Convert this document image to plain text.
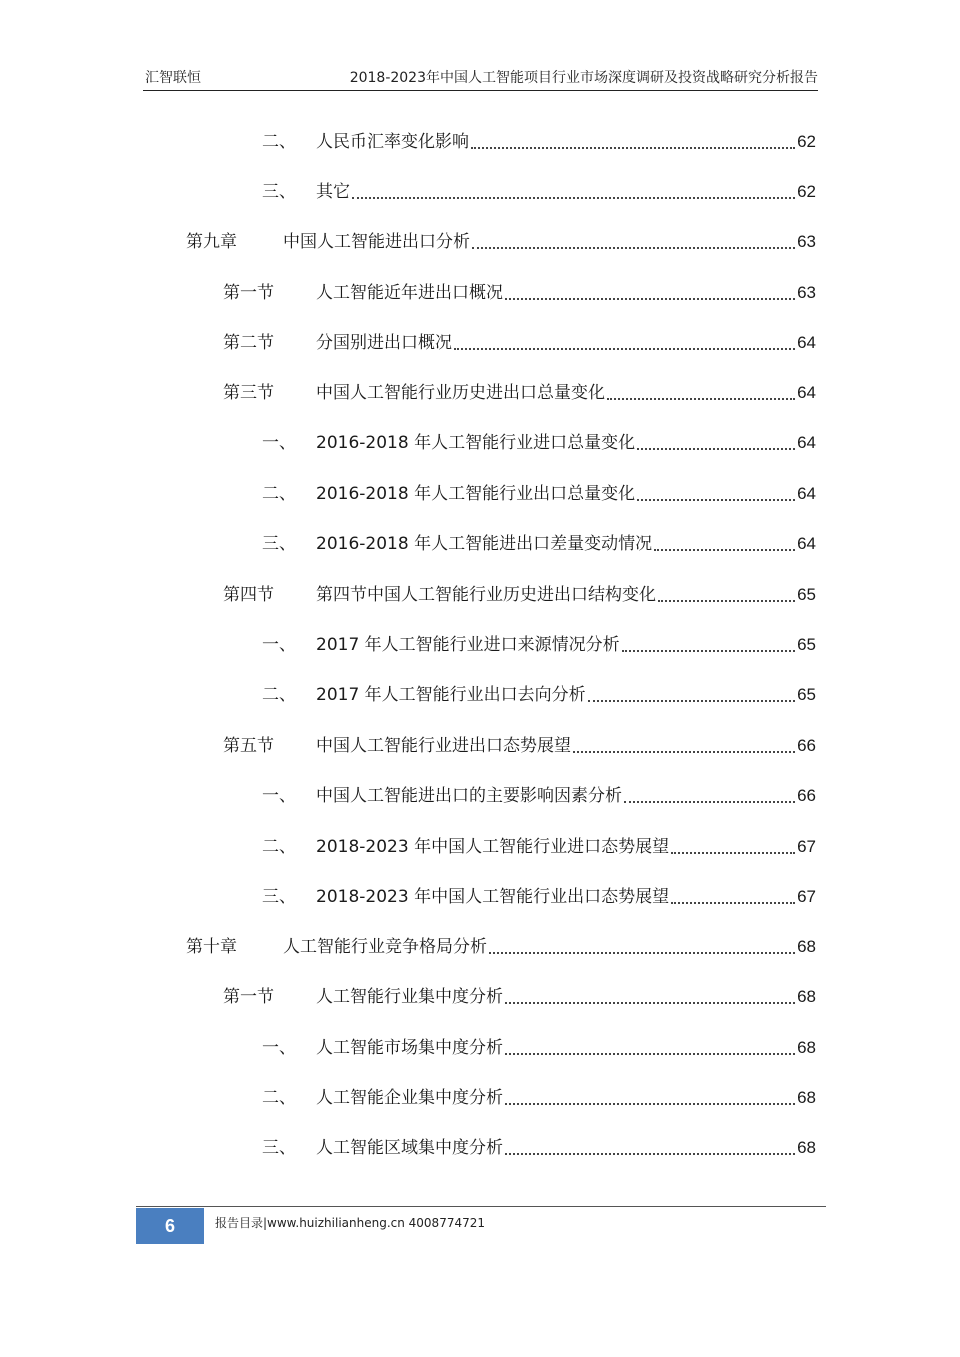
汇智联恒	2018-2023年中国人工智能项目行业市场深度调研及投资战略研究分析报告
二、	人民币汇率变化影响	62
三、	其它	62
第九章	中国人工智能进出口分析	63
第一节	人工智能近年进出口概况	63
第二节	分国别进出口概况	64
第三节	中国人工智能行业历史进出口总量变化	64
一、	2016-2018 年人工智能行业进口总量变化	64
二、	2016-2018 年人工智能行业出口总量变化	64
三、	2016-2018 年人工智能进出口差量变动情况	64
第四节	第四节中国人工智能行业历史进出口结构变化	65
一、	2017 年人工智能行业进口来源情况分析	65
二、	2017 年人工智能行业出口去向分析	65
第五节	中国人工智能行业进出口态势展望	66
一、	中国人工智能进出口的主要影响因素分析	66
二、	2018-2023 年中国人工智能行业进口态势展望	67
三、	2018-2023 年中国人工智能行业出口态势展望	67
第十章	人工智能行业竞争格局分析	68
第一节	人工智能行业集中度分析	68
一、	人工智能市场集中度分析	68
二、	人工智能企业集中度分析	68
三、	人工智能区域集中度分析	68
6	报告目录|www.huizhilianheng.cn 4008774721
